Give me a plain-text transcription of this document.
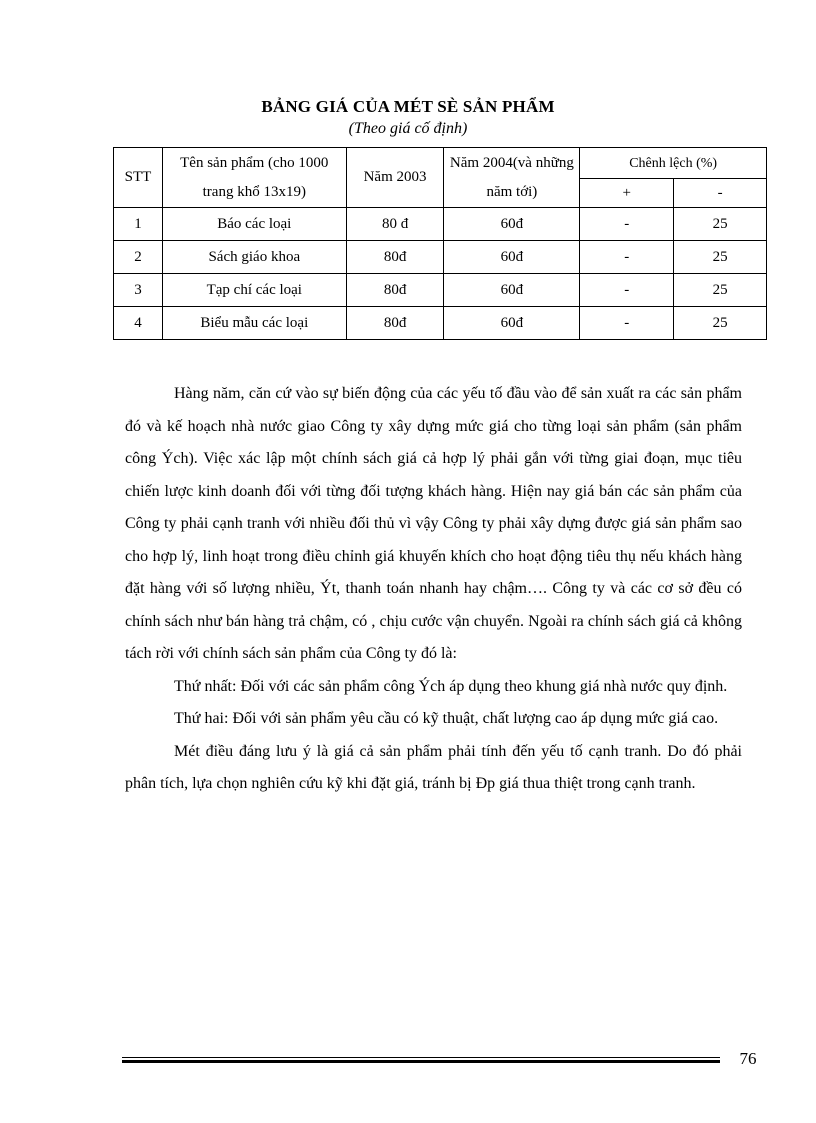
BẢNG GIÁ CỦA MÉT SÈ SẢN PHẨM
(Theo giá cố định)
STT	Tên sản phẩm (cho 1000 trang khổ 13x19)	Năm 2003	Năm 2004(và những năm tới)	Chênh lệch (%)	
				+	-
1	Báo các loại	80 đ	60đ	-	25
2	Sách giáo khoa	80đ	60đ	-	25
3	Tạp chí các loại	80đ	60đ	-	25
4	Biểu mẫu các loại	80đ	60đ	-	25

Hàng năm, căn cứ vào sự biến động của các yếu tố đầu vào để sản xuất ra các sản phẩm đó và kế hoạch nhà nước giao Công ty xây dựng mức giá cho từng loại sản phẩm (sản phẩm công Ých). Việc xác lập một chính sách giá cả hợp lý phải gắn với từng giai đoạn, mục tiêu chiến lược kinh doanh đối với từng đối tượng khách hàng. Hiện nay giá bán các sản phẩm của Công ty phải cạnh tranh với nhiều đối thủ vì vậy Công ty phải xây dựng được giá sản phẩm sao cho hợp lý, linh hoạt trong điều chỉnh giá khuyến khích cho hoạt động tiêu thụ nếu khách hàng đặt hàng với số lượng nhiều, Ýt, thanh toán nhanh hay chậm…. Công ty và các cơ sở đều có chính sách như bán hàng trả chậm, có , chịu cước vận chuyển. Ngoài ra chính sách giá cả không tách rời với chính sách sản phẩm của Công ty đó là:

Thứ nhất: Đối với các sản phẩm công Ých áp dụng theo khung giá nhà nước quy định.

Thứ hai: Đối với sản phẩm yêu cầu có kỹ thuật, chất lượng cao áp dụng mức giá cao.

Mét điều đáng lưu ý là giá cả sản phẩm phải tính đến yếu tố cạnh tranh. Do đó phải phân tích, lựa chọn nghiên cứu kỹ khi đặt giá, tránh bị Ðp giá thua thiệt trong cạnh tranh.

76
